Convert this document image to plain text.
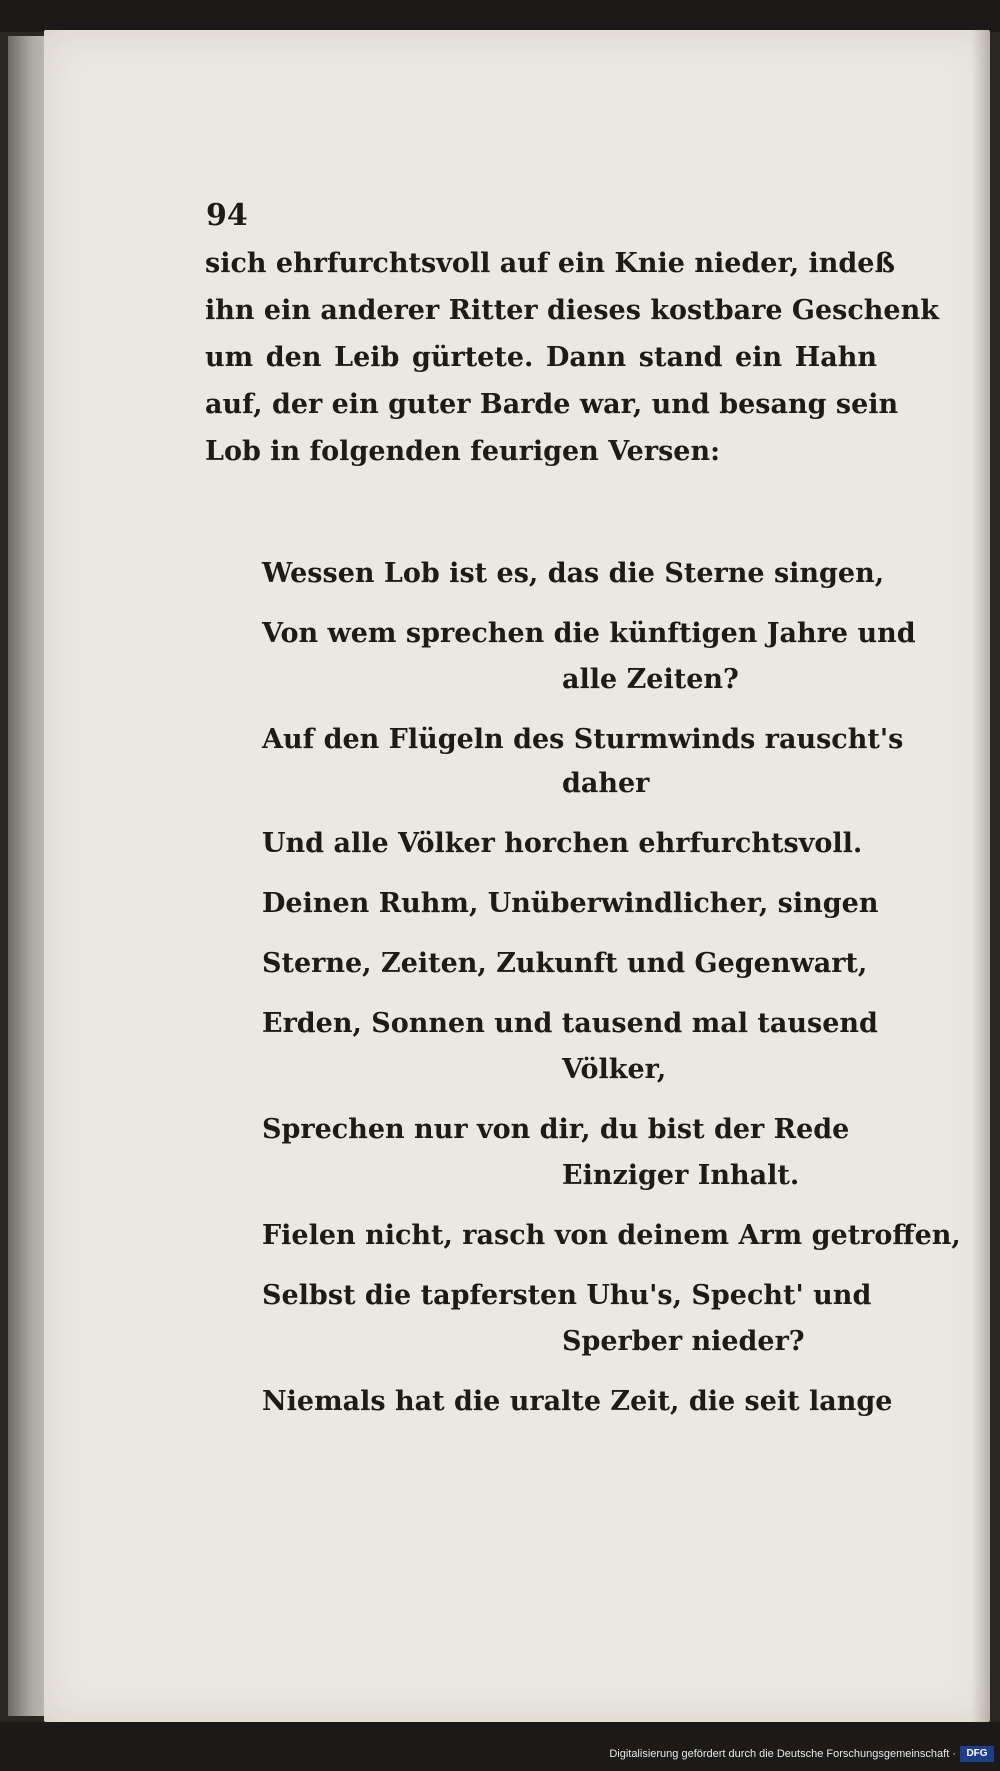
94
sich ehrfurchtsvoll auf ein Knie nieder, indeß
ihn ein anderer Ritter dieses kostbare Geschenk
um den Leib gürtete. Dann stand ein Hahn
auf, der ein guter Barde war, und besang sein
Lob in folgenden feurigen Versen:
Wessen Lob ist es, das die Sterne singen,
Von wem sprechen die künftigen Jahre und
alle Zeiten?
Auf den Flügeln des Sturmwinds rauscht's
daher
Und alle Völker horchen ehrfurchtsvoll.
Deinen Ruhm, Unüberwindlicher, singen
Sterne, Zeiten, Zukunft und Gegenwart,
Erden, Sonnen und tausend mal tausend
Völker,
Sprechen nur von dir, du bist der Rede
Einziger Inhalt.
Fielen nicht, rasch von deinem Arm getroffen,
Selbst die tapfersten Uhu's, Specht' und
Sperber nieder?
Niemals hat die uralte Zeit, die seit lange
Digitalisierung gefördert durch die Deutsche Forschungsgemeinschaft ·	DFG
